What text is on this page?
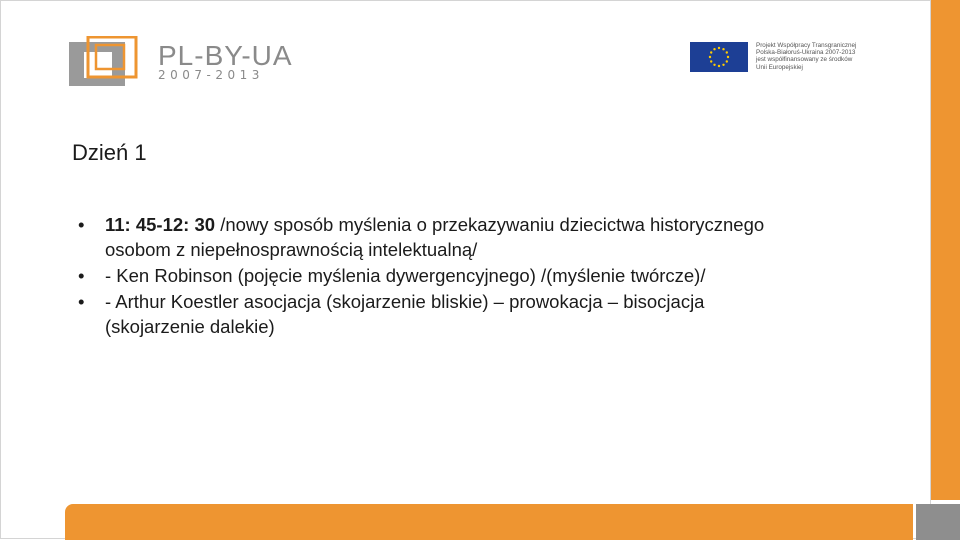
PL-BY-UA
2007-2013
Projekt Współpracy Transgranicznej
Polska-Białoruś-Ukraina 2007-2013
jest współfinansowany ze środków
Unii Europejskiej
Dzień 1
• 11: 45-12: 30 /nowy sposób myślenia o przekazywaniu dziecictwa historycznego osobom z niepełnosprawnością intelektualną/
• - Ken Robinson (pojęcie myślenia dywergencyjnego) /(myślenie twórcze)/
• - Arthur Koestler asocjacja (skojarzenie bliskie) – prowokacja – bisocjacja (skojarzenie dalekie)
